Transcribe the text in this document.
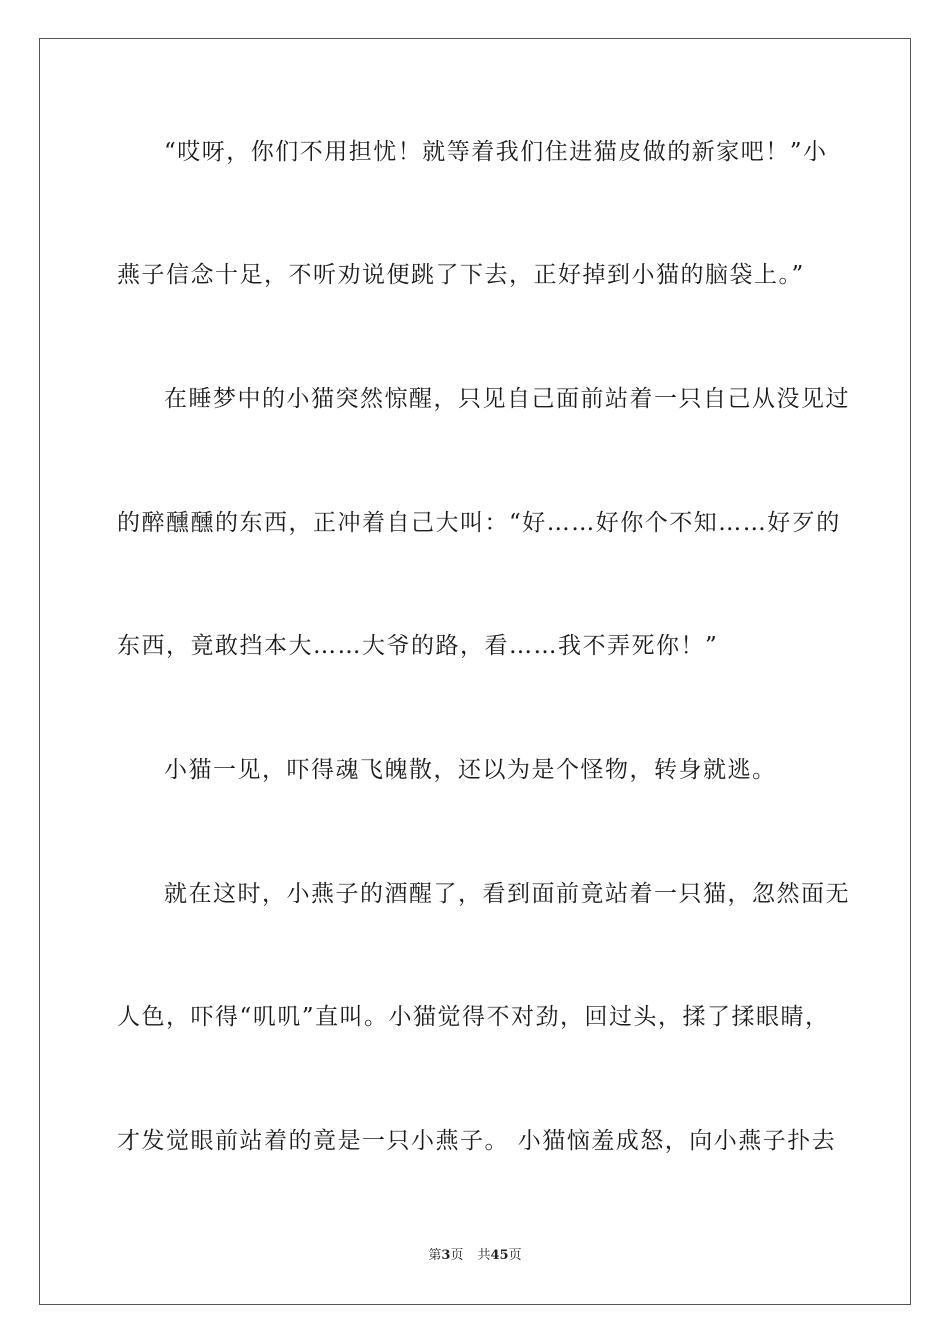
“哎呀，你们不用担忧！就等着我们住进猫皮做的新家吧！”小
燕子信念十足，不听劝说便跳了下去，正好掉到小猫的脑袋上。”
在睡梦中的小猫突然惊醒，只见自己面前站着一只自己从没见过
的醉醺醺的东西，正冲着自己大叫：“好……好你个不知……好歹的
东西，竟敢挡本大……大爷的路，看……我不弄死你！”
小猫一见，吓得魂飞魄散，还以为是个怪物，转身就逃。
就在这时，小燕子的酒醒了，看到面前竟站着一只猫，忽然面无
人色，吓得“叽叽”直叫。小猫觉得不对劲，回过头，揉了揉眼睛，
才发觉眼前站着的竟是一只小燕子。 小猫恼羞成怒，向小燕子扑去
第3页 共45页
